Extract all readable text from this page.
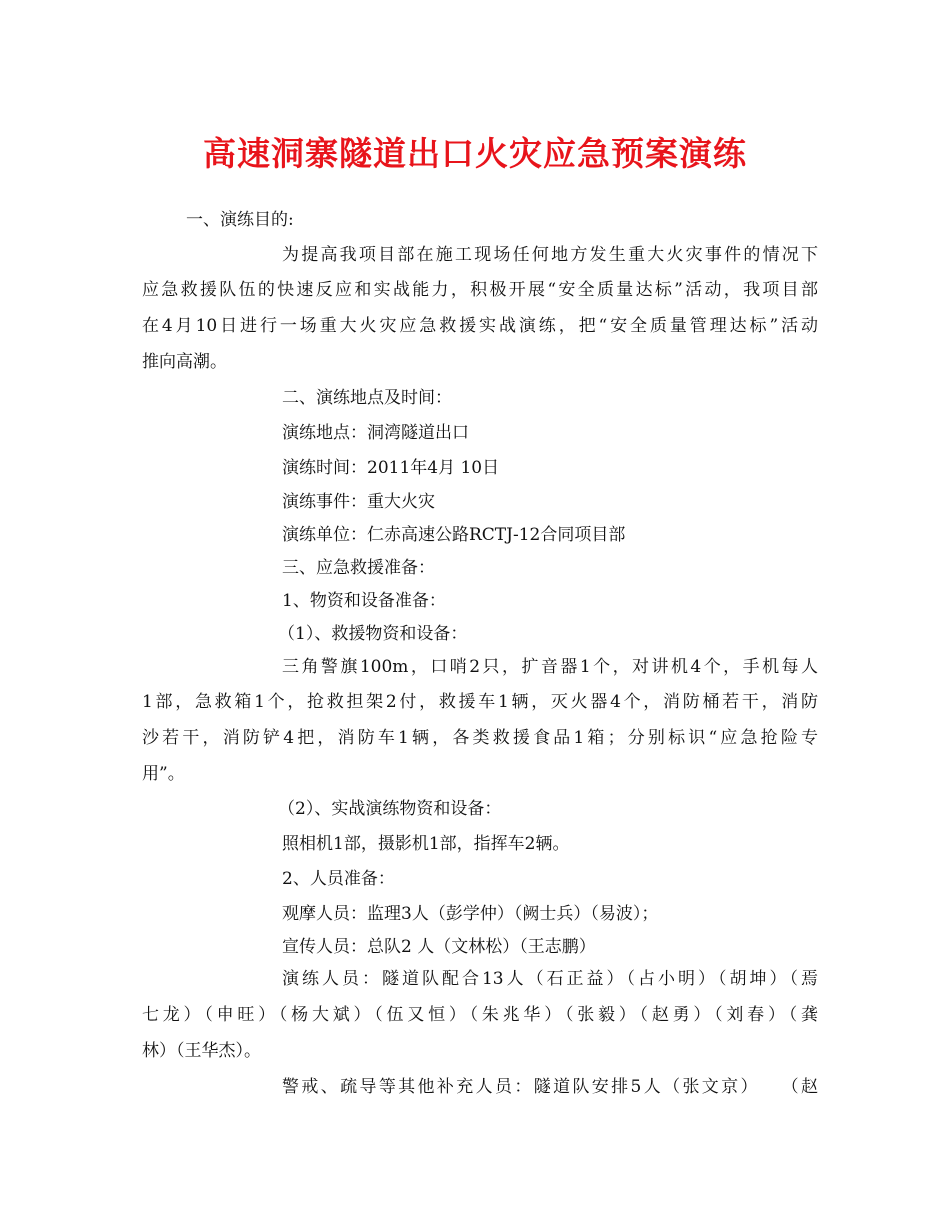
高速洞寨隧道出口火灾应急预案演练
一、演练目的:
为提高我项目部在施工现场任何地方发生重大火灾事件的情况下
应急救援队伍的快速反应和实战能力，积极开展“安全质量达标”活动，我项目部
在4月10日进行一场重大火灾应急救援实战演练，把“安全质量管理达标”活动
推向高潮。
二、演练地点及时间：
演练地点：洞湾隧道出口
演练时间：2011年4月 10日
演练事件：重大火灾
演练单位：仁赤高速公路RCTJ-12合同项目部
三、应急救援准备：
1、物资和设备准备：
（1）、救援物资和设备：
三角警旗100m，口哨2只，扩音器1个，对讲机4个，手机每人
1部，急救箱1个，抢救担架2付，救援车1辆，灭火器4个，消防桶若干，消防
沙若干，消防铲4把，消防车1辆，各类救援食品1箱；分别标识“应急抢险专
用”。
（2）、实战演练物资和设备：
照相机1部，摄影机1部，指挥车2辆。
2、人员准备：
观摩人员：监理3人（彭学仲）（阙士兵）（易波）；
宣传人员：总队2 人（文林松）（王志鹏）
演练人员：隧道队配合13人（石正益）（占小明）（胡坤）（焉
七龙）（申旺）（杨大斌）（伍又恒）（朱兆华）（张毅）（赵勇）（刘春）（龚
林）（王华杰）。
警戒、疏导等其他补充人员：隧道队安排5人（张文京）　　（赵
